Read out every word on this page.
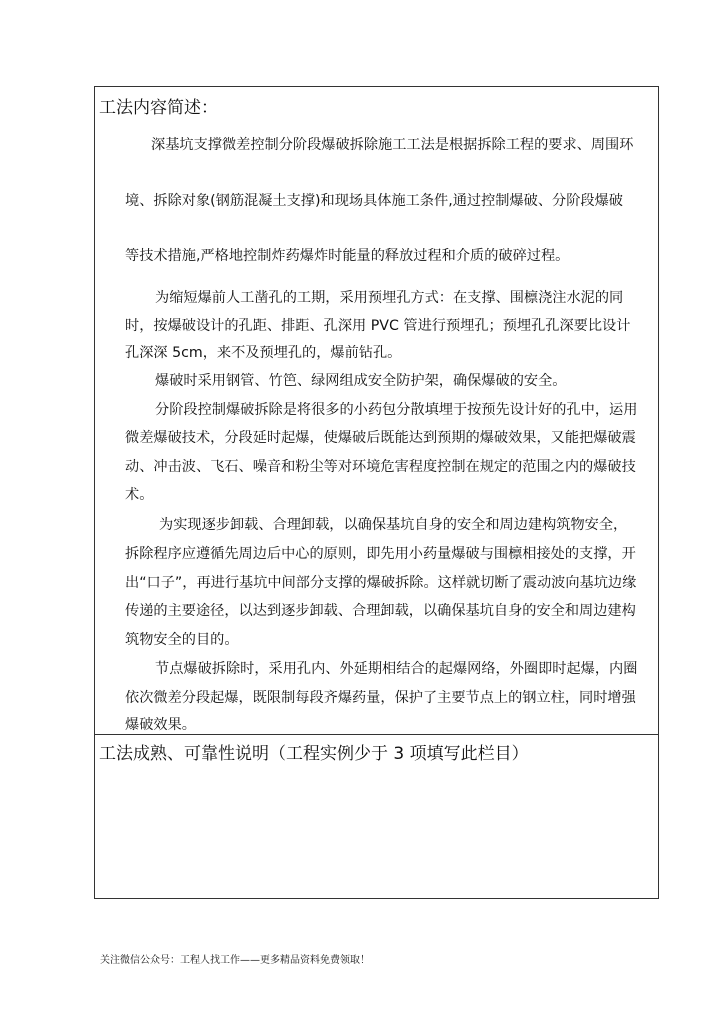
工法内容简述：
深基坑支撑微差控制分阶段爆破拆除施工工法是根据拆除工程的要求、周围环
境、拆除对象(钢筋混凝土支撑)和现场具体施工条件,通过控制爆破、分阶段爆破
等技术措施,严格地控制炸药爆炸时能量的释放过程和介质的破碎过程。
为缩短爆前人工凿孔的工期，采用预埋孔方式：在支撑、围檩浇注水泥的同
时，按爆破设计的孔距、排距、孔深用 PVC 管进行预埋孔；预埋孔孔深要比设计
孔深深 5cm，来不及预埋孔的，爆前钻孔。
爆破时采用钢管、竹笆、绿网组成安全防护架，确保爆破的安全。
分阶段控制爆破拆除是将很多的小药包分散填埋于按预先设计好的孔中，运用
微差爆破技术，分段延时起爆，使爆破后既能达到预期的爆破效果，又能把爆破震
动、冲击波、飞石、噪音和粉尘等对环境危害程度控制在规定的范围之内的爆破技
术。
为实现逐步卸载、合理卸载，以确保基坑自身的安全和周边建构筑物安全，
拆除程序应遵循先周边后中心的原则，即先用小药量爆破与围檩相接处的支撑，开
出“口子”，再进行基坑中间部分支撑的爆破拆除。这样就切断了震动波向基坑边缘
传递的主要途径，以达到逐步卸载、合理卸载，以确保基坑自身的安全和周边建构
筑物安全的目的。
节点爆破拆除时，采用孔内、外延期相结合的起爆网络，外圈即时起爆，内圈
依次微差分段起爆，既限制每段齐爆药量，保护了主要节点上的钢立柱，同时增强
爆破效果。
工法成熟、可靠性说明（工程实例少于 3 项填写此栏目）
关注微信公众号：工程人找工作——更多精品资料免费领取！
